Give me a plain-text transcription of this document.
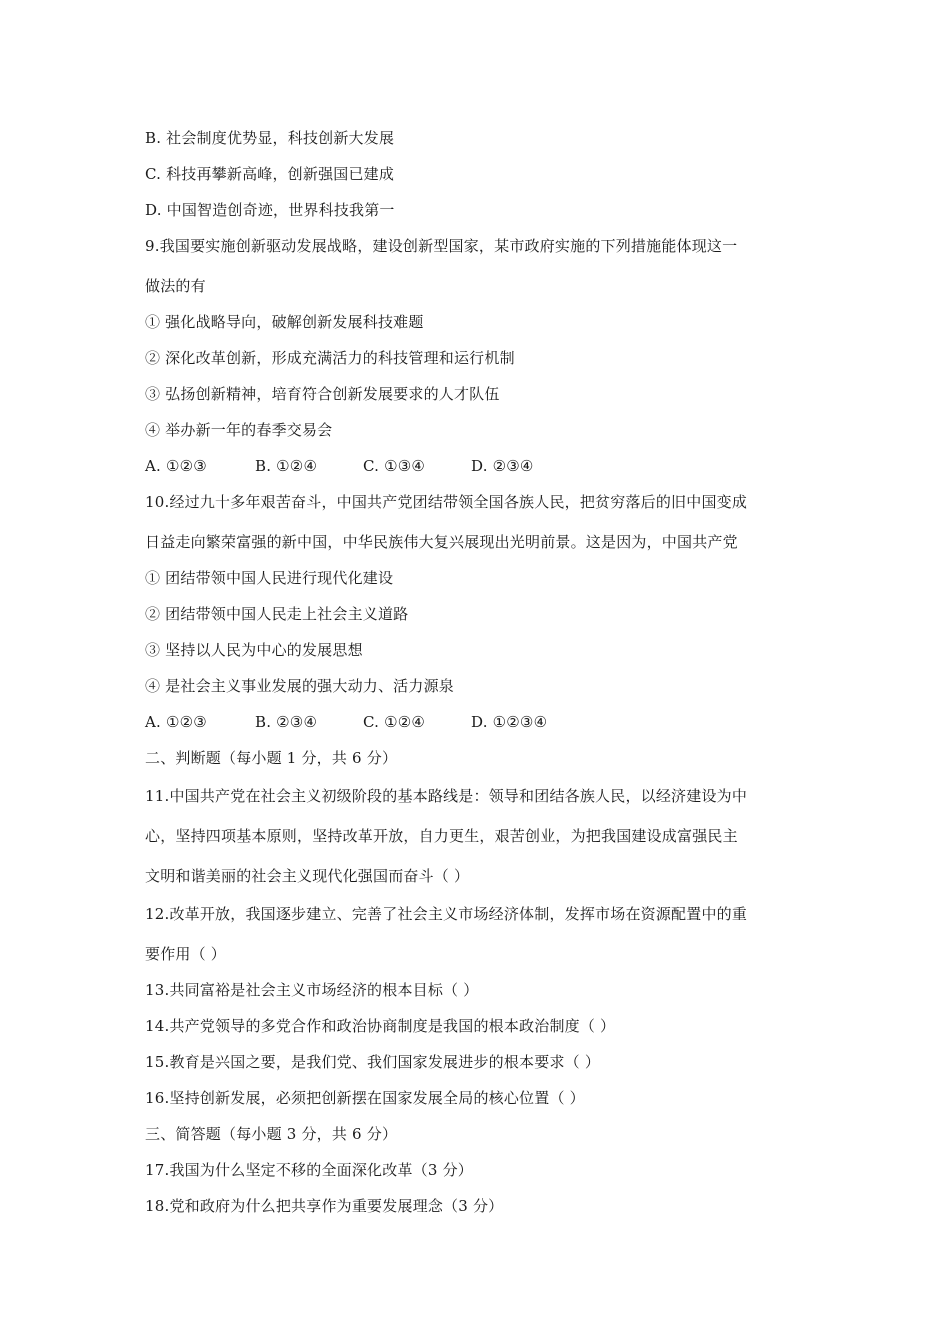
B. 社会制度优势显，科技创新大发展
C. 科技再攀新高峰，创新强国已建成
D. 中国智造创奇迹，世界科技我第一
9.我国要实施创新驱动发展战略，建设创新型国家，某市政府实施的下列措施能体现这一
做法的有
① 强化战略导向，破解创新发展科技难题
② 深化改革创新，形成充满活力的科技管理和运行机制
③ 弘扬创新精神，培育符合创新发展要求的人才队伍
④ 举办新一年的春季交易会
A. ①②③	B. ①②④	C. ①③④	D. ②③④
10.经过九十多年艰苦奋斗，中国共产党团结带领全国各族人民，把贫穷落后的旧中国变成
日益走向繁荣富强的新中国，中华民族伟大复兴展现出光明前景。这是因为，中国共产党
① 团结带领中国人民进行现代化建设
② 团结带领中国人民走上社会主义道路
③ 坚持以人民为中心的发展思想
④ 是社会主义事业发展的强大动力、活力源泉
A. ①②③	B. ②③④	C. ①②④	D. ①②③④
二、判断题（每小题 1 分，共 6 分）
11.中国共产党在社会主义初级阶段的基本路线是：领导和团结各族人民，以经济建设为中
心，坚持四项基本原则，坚持改革开放，自力更生，艰苦创业，为把我国建设成富强民主
文明和谐美丽的社会主义现代化强国而奋斗（ ）
12.改革开放，我国逐步建立、完善了社会主义市场经济体制，发挥市场在资源配置中的重
要作用（ ）
13.共同富裕是社会主义市场经济的根本目标（ ）
14.共产党领导的多党合作和政治协商制度是我国的根本政治制度（ ）
15.教育是兴国之要，是我们党、我们国家发展进步的根本要求（ ）
16.坚持创新发展，必须把创新摆在国家发展全局的核心位置（ ）
三、简答题（每小题 3 分，共 6 分）
17.我国为什么坚定不移的全面深化改革（3 分）
18.党和政府为什么把共享作为重要发展理念（3 分）
